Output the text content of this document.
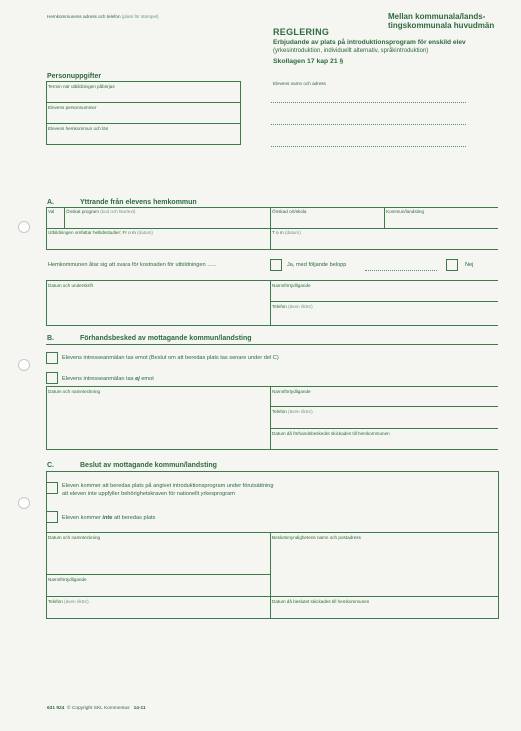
Hemkommunens adress och telefon (plats för stämpel)	Mellan kommunala/lands-
tingskommunala huvudmän
REGLERING
Erbjudande av plats på introduktionsprogram för enskild elev
(yrkesintroduktion, individuellt alternativ, språkintroduktion)
Skollagen 17 kap 21 §
Personuppgifter
Termin när utbildningen påbörjas
Elevens personnummer
Elevens hemkommun och län
Elevens namn och adress
A.	Yttrande från elevens hemkommun
Val	Önskat program (kod och klartext)	Önskad ort/skola	Kommun/landsting
Utbildningen omfattar heltidsstudier: Fr o m (datum)	T o m (datum)
Hemkommunen åtar sig att svara för kostnaden för utbildningen ......	Ja, med följande belopp	Nej
Datum och underskrift	Namnförtydligande
Telefon (även riktnr)
B.	Förhandsbesked av mottagande kommun/landsting
Elevens intresseanmälan tas emot (Beslut om att beredas plats tas senare under del C)
Elevens intresseanmälan tas ej emot
Datum och namnteckning	Namnförtydligande
Telefon (även riktnr)
Datum då förhandsbeskedet skickades till hemkommunen
C.	Beslut av mottagande kommun/landsting
Eleven kommer att beredas plats på angivet introduktionsprogram under förutsättning
att eleven inte uppfyller behörighetskraven för nationellt yrkesprogram
Eleven kommer inte att beredas plats
Datum och namnteckning	Beslutsmyndighetens namn och postadress
Namnförtydligande
Telefon (även riktnr)	Datum då beslutet skickades till hemkommunen
631 924 © Copyright SKL Kommentus 14-11
